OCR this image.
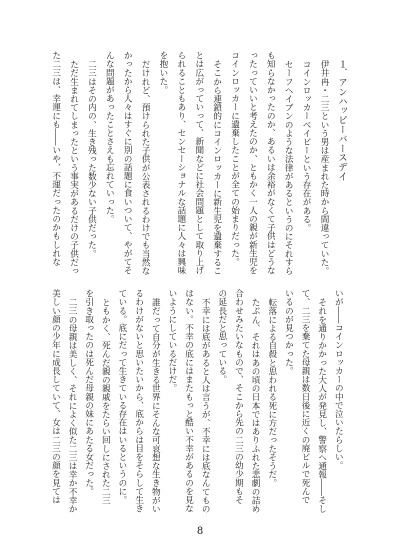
１．アンハッピーバースデイ
伊井冉・二三という男は産まれた時から間違っていた。
コインロッカーベイビーという存在がある。
セーフヘイブンのような法律があるというのにそれすら
も知らなかったのか、あるいは余裕がなくて子供はどうな
ったっていいと考えたのか、ともかく一人の親が新生児を
コインロッカーに遺棄したことが全ての始まりだった。
そこから連鎖的にコインロッカーに新生児を遺棄するこ
とは広がっていって、新聞などに社会問題として取り上げ
られることもあり、センセーショナルな話題に人々は興味
を抱いた。
だけれど、預けられた子供が公表されるわけでも当然な
かったから人々はすぐに別の話題に食いついて、やがてそ
んな問題があったことさえも忘れていった。
二三はその内の、生き残った数少ない子供だった。
ただ生まれてしまったという事実があるだけの子供だっ
た二三は、幸運にも――いや、不運だったのかもしれな
いが――コインロッカーの中で泣いたらしい。
それを通りかかった大人が発見し、警察へ通報――そし
て、二三を棄てた母親は数日後に近くの廃ビルで死んで
いるのが見つかった。
転落による自殺と思われる死に方だったそうだ。
たぶん、それはあの頃の日本ではありふれた悲劇の詰め
合わせみたいなもので、そこから先の二三の幼少期もそ
の延長だと思っている。
不幸には底があると人は言うが、不幸には底なんてもの
はない。不幸の底にはまたもっと酷い不幸があるのを見な
いようにしているだけだ。
誰だって自分が生きる世界にそんな可哀想な生き物がい
るわけがないと思いたいから、底からは目をそらして生き
ている。底にだって生きている存在はいるというのに。
ともかく、死んだ親の親戚をたらい回しにされた二三
を引き取ったのは死んだ母親の妹にあたる女だった。
二三の母親は美しく、それによく似た二三は幸か不幸か
美しい顔の少年に成長していて、女は二三の顔を見ては
8
